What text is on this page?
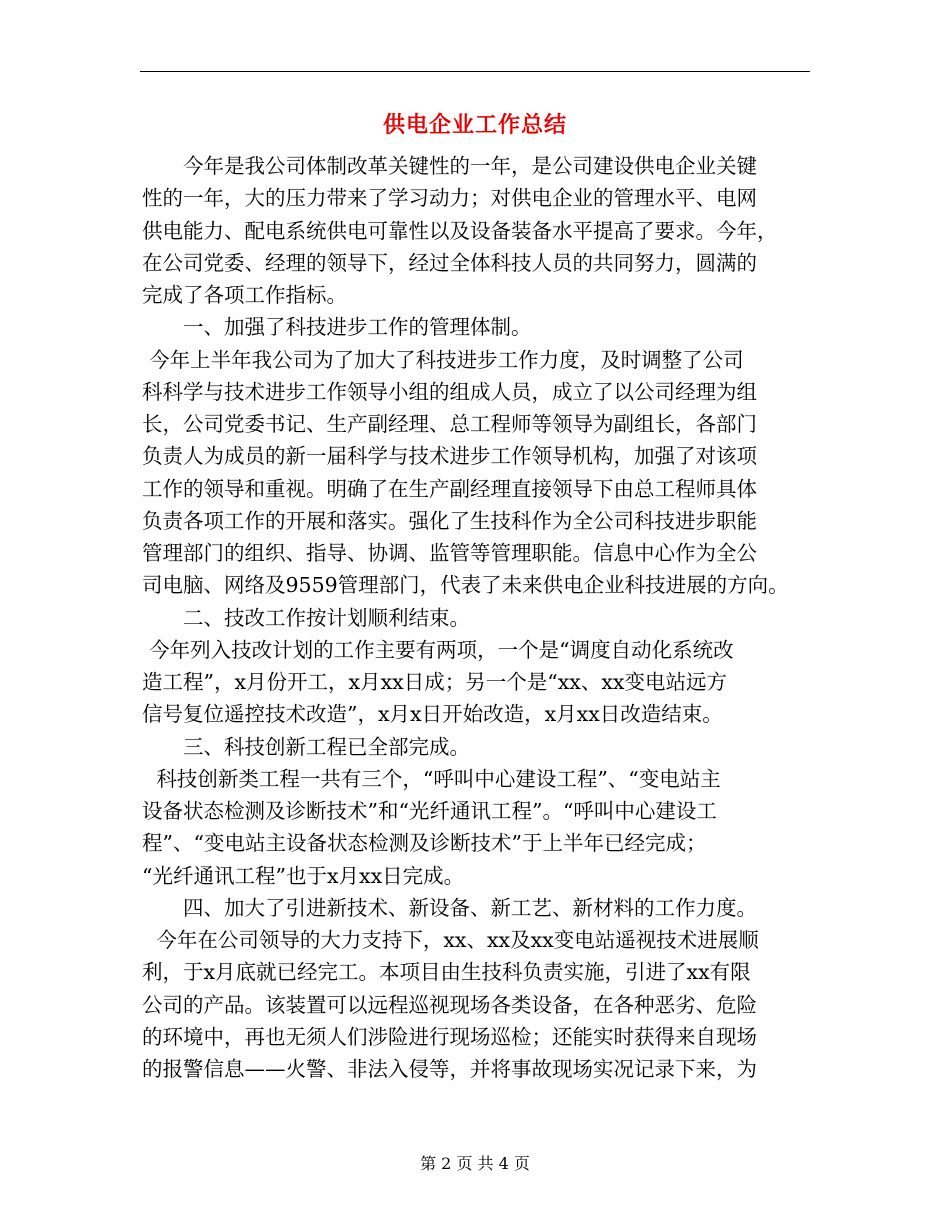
供电企业工作总结
今年是我公司体制改革关键性的一年，是公司建设供电企业关键
性的一年，大的压力带来了学习动力；对供电企业的管理水平、电网
供电能力、配电系统供电可靠性以及设备装备水平提高了要求。今年，
在公司党委、经理的领导下，经过全体科技人员的共同努力，圆满的
完成了各项工作指标。
一、加强了科技进步工作的管理体制。
今年上半年我公司为了加大了科技进步工作力度，及时调整了公司
科科学与技术进步工作领导小组的组成人员，成立了以公司经理为组
长，公司党委书记、生产副经理、总工程师等领导为副组长，各部门
负责人为成员的新一届科学与技术进步工作领导机构，加强了对该项
工作的领导和重视。明确了在生产副经理直接领导下由总工程师具体
负责各项工作的开展和落实。强化了生技科作为全公司科技进步职能
管理部门的组织、指导、协调、监管等管理职能。信息中心作为全公
司电脑、网络及9559管理部门，代表了未来供电企业科技进展的方向。
二、技改工作按计划顺利结束。
今年列入技改计划的工作主要有两项，一个是“调度自动化系统改
造工程”，x月份开工，x月xx日成；另一个是“xx、xx变电站远方
信号复位遥控技术改造”，x月x日开始改造，x月xx日改造结束。
三、科技创新工程已全部完成。
科技创新类工程一共有三个，“呼叫中心建设工程”、“变电站主
设备状态检测及诊断技术”和“光纤通讯工程”。“呼叫中心建设工
程”、“变电站主设备状态检测及诊断技术”于上半年已经完成；
“光纤通讯工程”也于x月xx日完成。
四、加大了引进新技术、新设备、新工艺、新材料的工作力度。
今年在公司领导的大力支持下，xx、xx及xx变电站遥视技术进展顺
利，于x月底就已经完工。本项目由生技科负责实施，引进了xx有限
公司的产品。该装置可以远程巡视现场各类设备，在各种恶劣、危险
的环境中，再也无须人们涉险进行现场巡检；还能实时获得来自现场
的报警信息——火警、非法入侵等，并将事故现场实况记录下来，为
第 2 页 共 4 页
